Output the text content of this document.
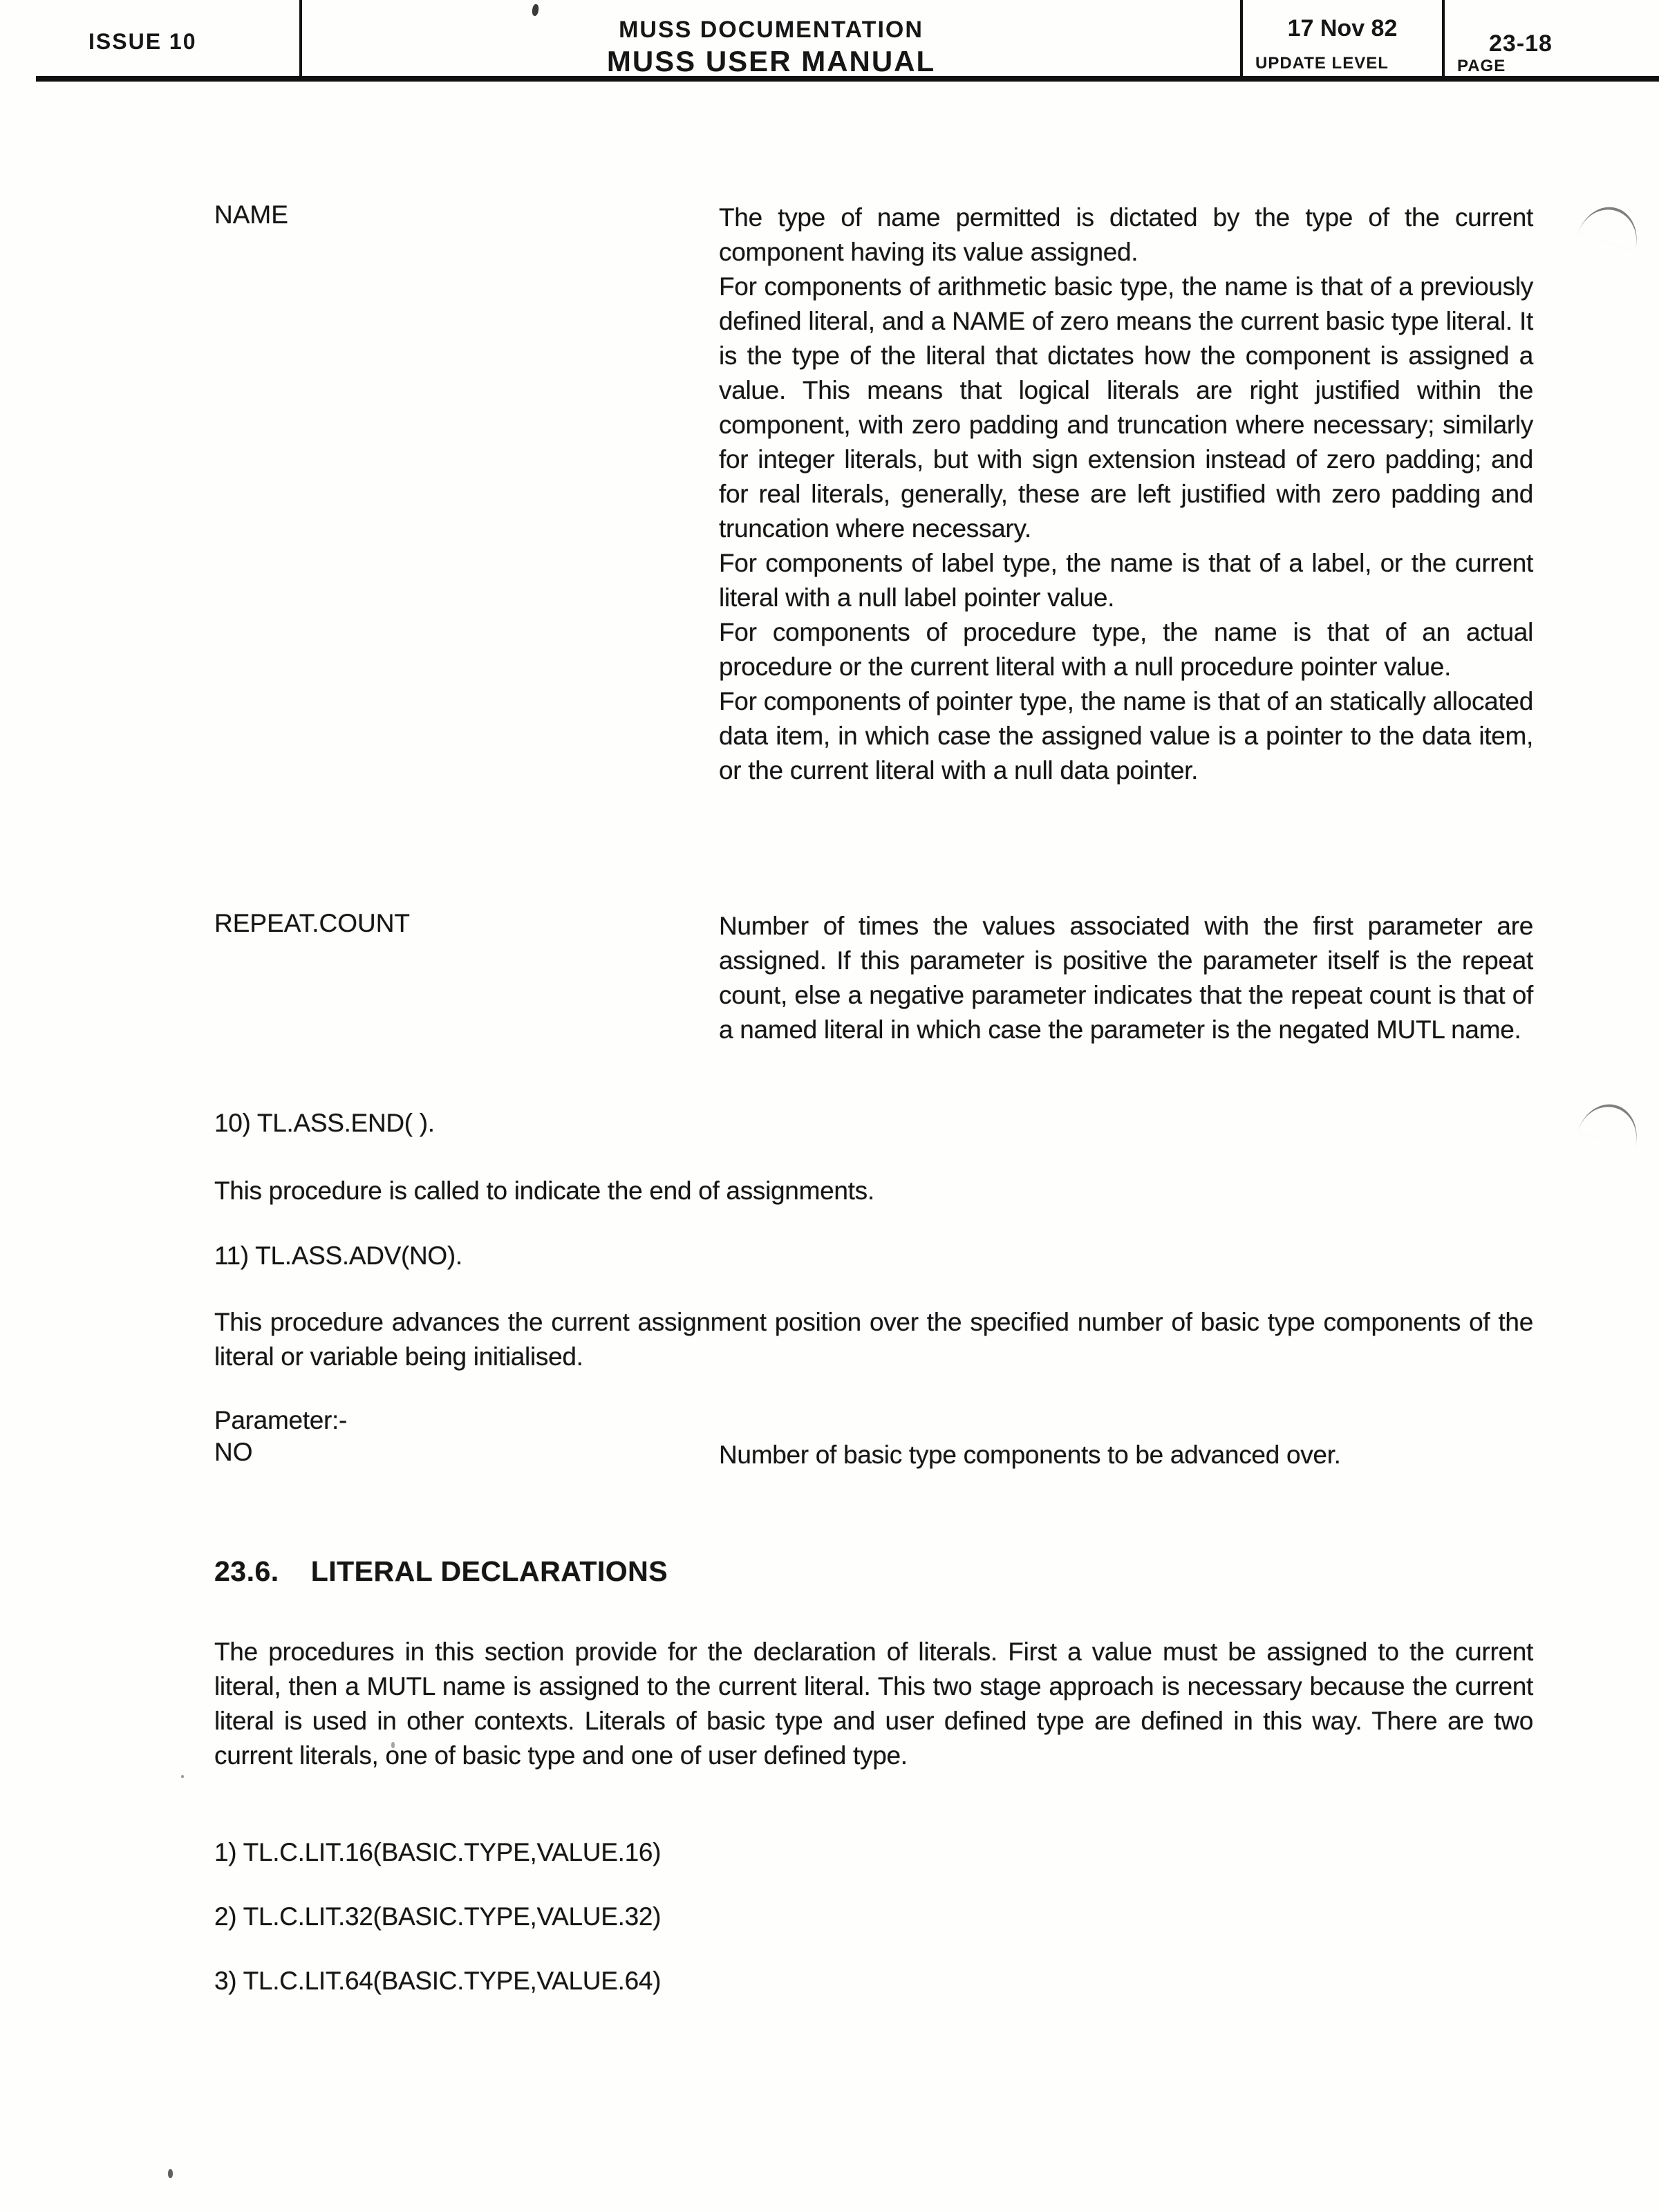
ISSUE 10	MUSS DOCUMENTATION
MUSS USER MANUAL
17 Nov 82
UPDATE LEVEL
23-18
PAGE
NAME	The type of name permitted is dictated by the type of the current component having its value assigned.

For components of arithmetic basic type, the name is that of a previously defined literal, and a NAME of zero means the current basic type literal. It is the type of the literal that dictates how the component is assigned a value. This means that logical literals are right justified within the component, with zero padding and truncation where necessary; similarly for integer literals, but with sign extension instead of zero padding; and for real literals, generally, these are left justified with zero padding and truncation where necessary.

For components of label type, the name is that of a label, or the current literal with a null label pointer value.

For components of procedure type, the name is that of an actual procedure or the current literal with a null procedure pointer value.

For components of pointer type, the name is that of an statically allocated data item, in which case the assigned value is a pointer to the data item, or the current literal with a null data pointer.

REPEAT.COUNT	Number of times the values associated with the first parameter are assigned. If this parameter is positive the parameter itself is the repeat count, else a negative parameter indicates that the repeat count is that of a named literal in which case the parameter is the negated MUTL name.

10) TL.ASS.END( ).
This procedure is called to indicate the end of assignments.
11) TL.ASS.ADV(NO).
This procedure advances the current assignment position over the specified number of basic type components of the literal or variable being initialised.
Parameter:-
NO	Number of basic type components to be advanced over.

23.6. LITERAL DECLARATIONS
The procedures in this section provide for the declaration of literals. First a value must be assigned to the current literal, then a MUTL name is assigned to the current literal. This two stage approach is necessary because the current literal is used in other contexts. Literals of basic type and user defined type are defined in this way. There are two current literals, one of basic type and one of user defined type.
1) TL.C.LIT.16(BASIC.TYPE,VALUE.16)
2) TL.C.LIT.32(BASIC.TYPE,VALUE.32)
3) TL.C.LIT.64(BASIC.TYPE,VALUE.64)
